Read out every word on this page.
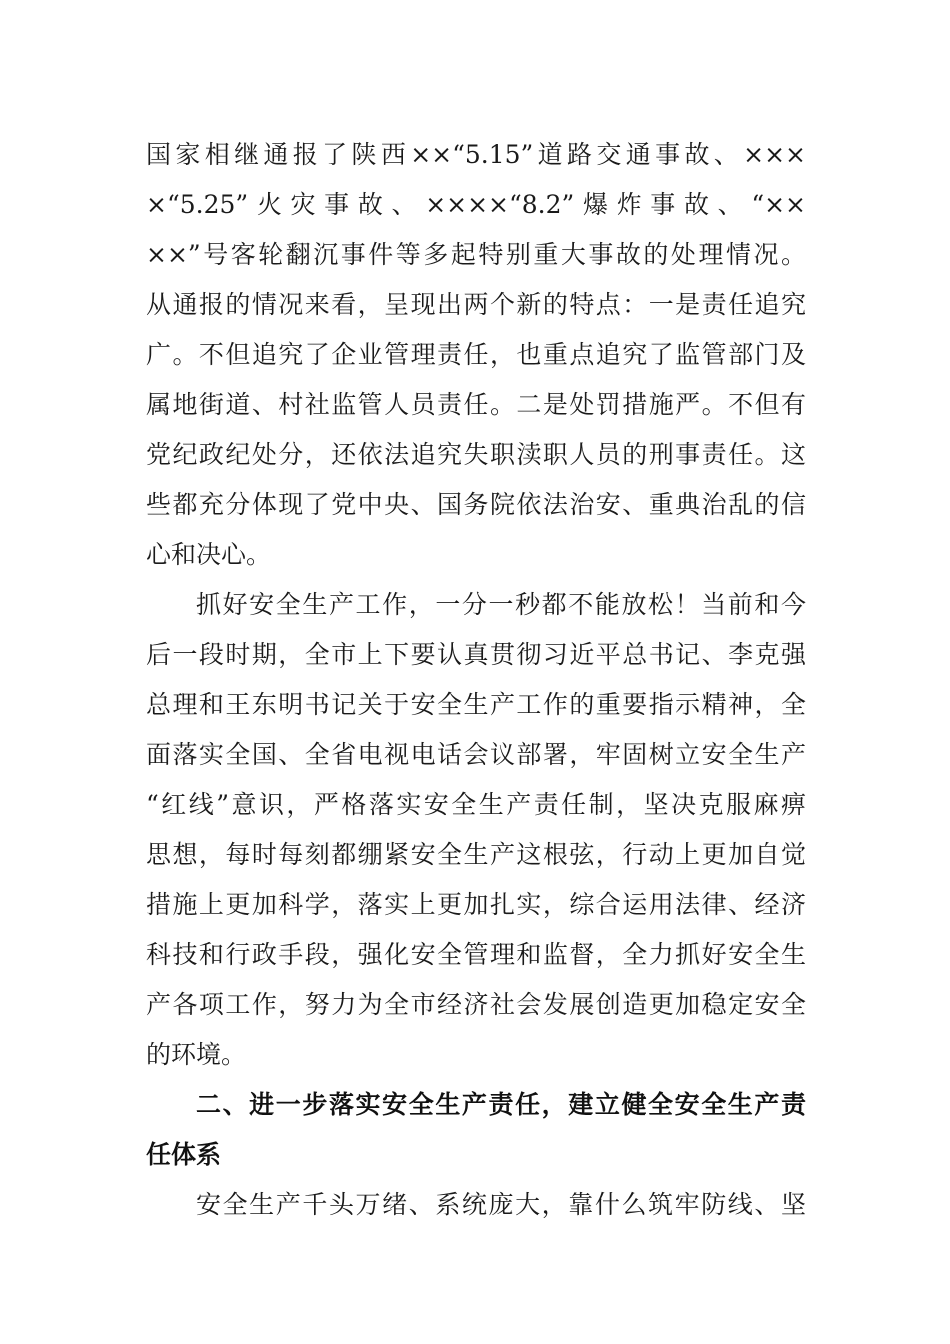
国家相继通报了陕西××“5.15”道路交通事故、×××
×“5.25”火灾事故、××××“8.2”爆炸事故、“××
××”号客轮翻沉事件等多起特别重大事故的处理情况。
从通报的情况来看，呈现出两个新的特点：一是责任追究
广。不但追究了企业管理责任，也重点追究了监管部门及
属地街道、村社监管人员责任。二是处罚措施严。不但有
党纪政纪处分，还依法追究失职渎职人员的刑事责任。这
些都充分体现了党中央、国务院依法治安、重典治乱的信
心和决心。
抓好安全生产工作，一分一秒都不能放松！当前和今
后一段时期，全市上下要认真贯彻习近平总书记、李克强
总理和王东明书记关于安全生产工作的重要指示精神，全
面落实全国、全省电视电话会议部署，牢固树立安全生产
“红线”意识，严格落实安全生产责任制，坚决克服麻痹
思想，每时每刻都绷紧安全生产这根弦，行动上更加自觉
措施上更加科学，落实上更加扎实，综合运用法律、经济
科技和行政手段，强化安全管理和监督，全力抓好安全生
产各项工作，努力为全市经济社会发展创造更加稳定安全
的环境。
二、进一步落实安全生产责任，建立健全安全生产责
任体系
安全生产千头万绪、系统庞大，靠什么筑牢防线、坚
